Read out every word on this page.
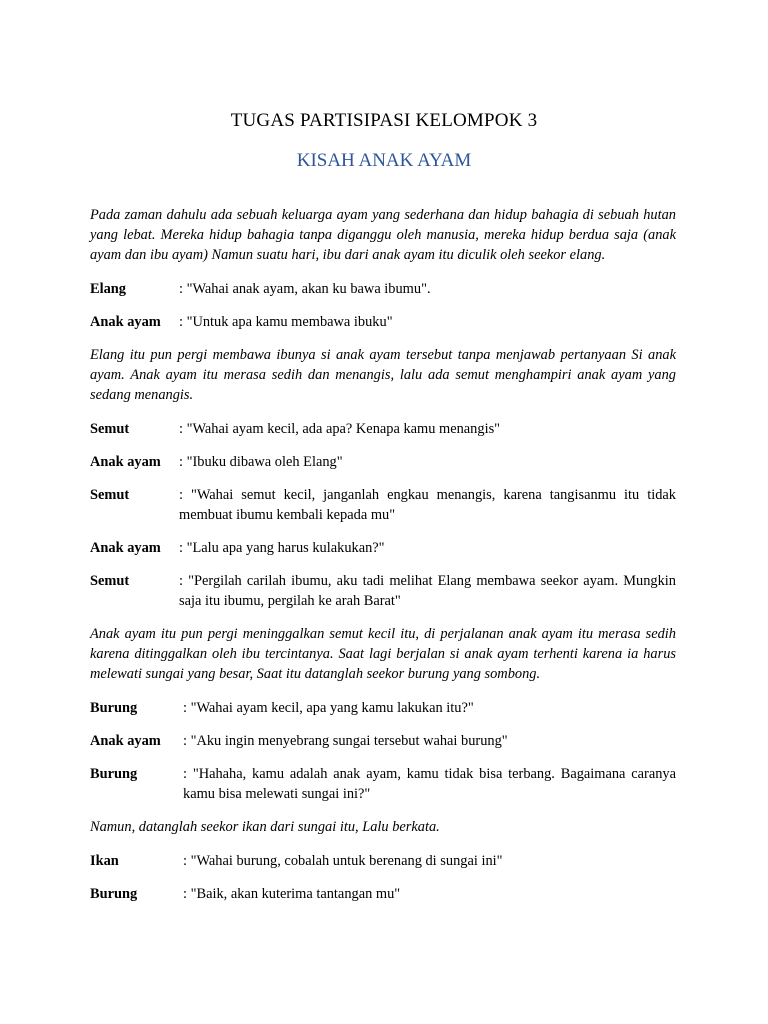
TUGAS PARTISIPASI KELOMPOK 3
KISAH ANAK AYAM

Pada zaman dahulu ada sebuah keluarga ayam yang sederhana dan hidup bahagia di sebuah hutan yang lebat. Mereka hidup bahagia tanpa diganggu oleh manusia, mereka hidup berdua saja (anak ayam dan ibu ayam) Namun suatu hari, ibu dari anak ayam itu diculik oleh seekor elang.

Elang	: "Wahai anak ayam, akan ku bawa ibumu".
Anak ayam	: "Untuk apa kamu membawa ibuku"

Elang itu pun pergi membawa ibunya si anak ayam tersebut tanpa menjawab pertanyaan Si anak ayam. Anak ayam itu merasa sedih dan menangis, lalu ada semut menghampiri anak ayam yang sedang menangis.

Semut	: "Wahai ayam kecil, ada apa? Kenapa kamu menangis"
Anak ayam	: "Ibuku dibawa oleh Elang"
Semut	: "Wahai semut kecil, janganlah engkau menangis, karena tangisanmu itu tidak membuat ibumu kembali kepada mu"
Anak ayam	: "Lalu apa yang harus kulakukan?"
Semut	: "Pergilah carilah ibumu, aku tadi melihat Elang membawa seekor ayam. Mungkin saja itu ibumu, pergilah ke arah Barat"

Anak ayam itu pun pergi meninggalkan semut kecil itu, di perjalanan anak ayam itu merasa sedih karena ditinggalkan oleh ibu tercintanya. Saat lagi berjalan si anak ayam terhenti karena ia harus melewati sungai yang besar, Saat itu datanglah seekor burung yang sombong.

Burung	: "Wahai ayam kecil, apa yang kamu lakukan itu?"
Anak ayam	: "Aku ingin menyebrang sungai tersebut wahai burung"
Burung	: "Hahaha, kamu adalah anak ayam, kamu tidak bisa terbang. Bagaimana caranya kamu bisa melewati sungai ini?"

Namun, datanglah seekor ikan dari sungai itu, Lalu berkata.

Ikan	: "Wahai burung, cobalah untuk berenang di sungai ini"
Burung	: "Baik, akan kuterima tantangan mu"
